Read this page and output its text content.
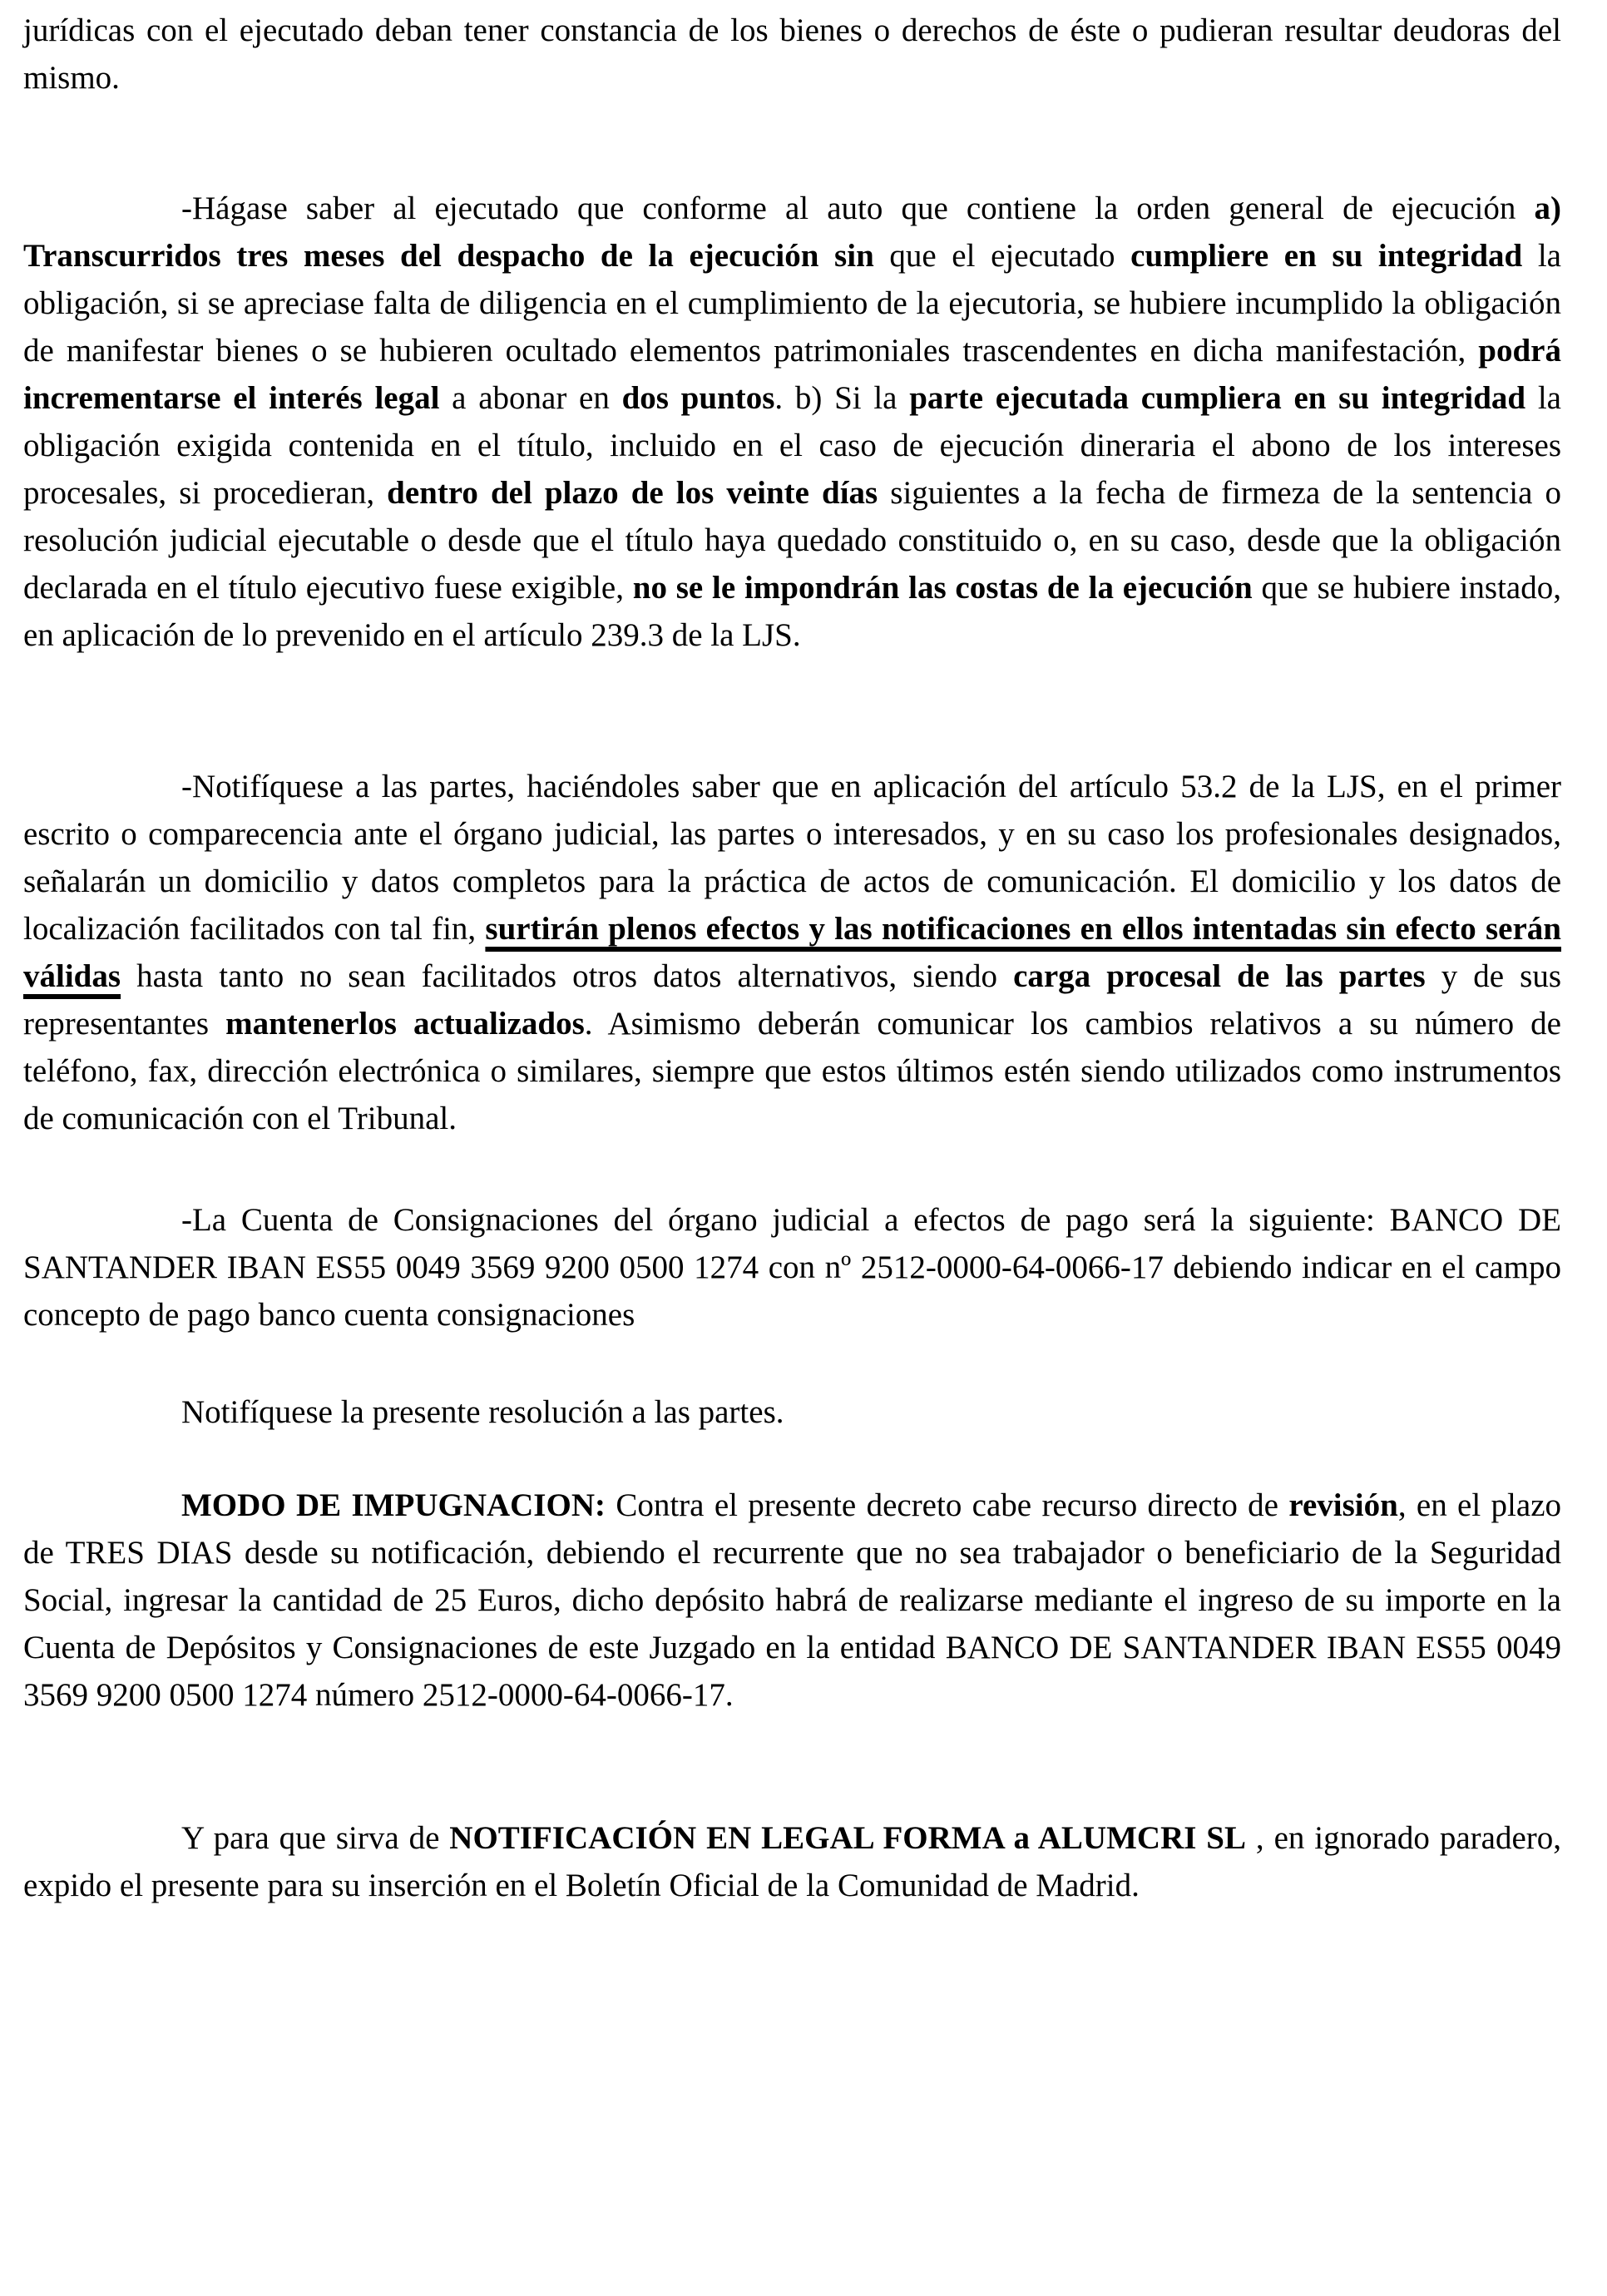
jurídicas con el ejecutado deban tener constancia de los bienes o derechos de éste o pudieran resultar deudoras del mismo.

-Hágase saber al ejecutado que conforme al auto que contiene la orden general de ejecución a) Transcurridos tres meses del despacho de la ejecución sin que el ejecutado cumpliere en su integridad la obligación, si se apreciase falta de diligencia en el cumplimiento de la ejecutoria, se hubiere incumplido la obligación de manifestar bienes o se hubieren ocultado elementos patrimoniales trascendentes en dicha manifestación, podrá incrementarse el interés legal a abonar en dos puntos. b) Si la parte ejecutada cumpliera en su integridad la obligación exigida contenida en el título, incluido en el caso de ejecución dineraria el abono de los intereses procesales, si procedieran, dentro del plazo de los veinte días siguientes a la fecha de firmeza de la sentencia o resolución judicial ejecutable o desde que el título haya quedado constituido o, en su caso, desde que la obligación declarada en el título ejecutivo fuese exigible, no se le impondrán las costas de la ejecución que se hubiere instado, en aplicación de lo prevenido en el artículo 239.3 de la LJS.

-Notifíquese a las partes, haciéndoles saber que en aplicación del artículo 53.2 de la LJS, en el primer escrito o comparecencia ante el órgano judicial, las partes o interesados, y en su caso los profesionales designados, señalarán un domicilio y datos completos para la práctica de actos de comunicación. El domicilio y los datos de localización facilitados con tal fin, surtirán plenos efectos y las notificaciones en ellos intentadas sin efecto serán válidas hasta tanto no sean facilitados otros datos alternativos, siendo carga procesal de las partes y de sus representantes mantenerlos actualizados. Asimismo deberán comunicar los cambios relativos a su número de teléfono, fax, dirección electrónica o similares, siempre que estos últimos estén siendo utilizados como instrumentos de comunicación con el Tribunal.

-La Cuenta de Consignaciones del órgano judicial a efectos de pago será la siguiente: BANCO DE SANTANDER IBAN ES55 0049 3569 9200 0500 1274 con nº 2512-0000-64-0066-17 debiendo indicar en el campo concepto de pago banco cuenta consignaciones

Notifíquese la presente resolución a las partes.

MODO DE IMPUGNACION: Contra el presente decreto cabe recurso directo de revisión, en el plazo de TRES DIAS desde su notificación, debiendo el recurrente que no sea trabajador o beneficiario de la Seguridad Social, ingresar la cantidad de 25 Euros, dicho depósito habrá de realizarse mediante el ingreso de su importe en la Cuenta de Depósitos y Consignaciones de este Juzgado en la entidad BANCO DE SANTANDER IBAN ES55 0049 3569 9200 0500 1274 número 2512-0000-64-0066-17.

Y para que sirva de NOTIFICACIÓN EN LEGAL FORMA a ALUMCRI SL , en ignorado paradero, expido el presente para su inserción en el Boletín Oficial de la Comunidad de Madrid.
